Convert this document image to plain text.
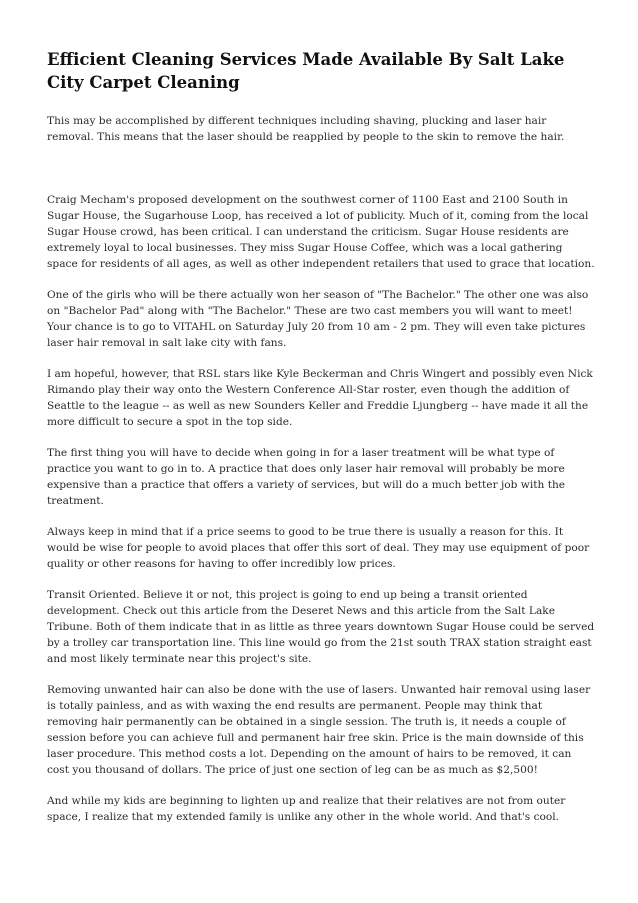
Efficient Cleaning Services Made Available By Salt Lake City Carpet Cleaning

This may be accomplished by different techniques including shaving, plucking and laser hair removal. This means that the laser should be reapplied by people to the skin to remove the hair.

Craig Mecham's proposed development on the southwest corner of 1100 East and 2100 South in Sugar House, the Sugarhouse Loop, has received a lot of publicity. Much of it, coming from the local Sugar House crowd, has been critical. I can understand the criticism. Sugar House residents are extremely loyal to local businesses. They miss Sugar House Coffee, which was a local gathering space for residents of all ages, as well as other independent retailers that used to grace that location.

One of the girls who will be there actually won her season of "The Bachelor." The other one was also on "Bachelor Pad" along with "The Bachelor." These are two cast members you will want to meet! Your chance is to go to VITAHL on Saturday July 20 from 10 am - 2 pm. They will even take pictures laser hair removal in salt lake city with fans.

I am hopeful, however, that RSL stars like Kyle Beckerman and Chris Wingert and possibly even Nick Rimando play their way onto the Western Conference All-Star roster, even though the addition of Seattle to the league -- as well as new Sounders Keller and Freddie Ljungberg -- have made it all the more difficult to secure a spot in the top side.

The first thing you will have to decide when going in for a laser treatment will be what type of practice you want to go in to. A practice that does only laser hair removal will probably be more expensive than a practice that offers a variety of services, but will do a much better job with the treatment.

Always keep in mind that if a price seems to good to be true there is usually a reason for this. It would be wise for people to avoid places that offer this sort of deal. They may use equipment of poor quality or other reasons for having to offer incredibly low prices.

Transit Oriented. Believe it or not, this project is going to end up being a transit oriented development. Check out this article from the Deseret News and this article from the Salt Lake Tribune. Both of them indicate that in as little as three years downtown Sugar House could be served by a trolley car transportation line. This line would go from the 21st south TRAX station straight east and most likely terminate near this project's site.

Removing unwanted hair can also be done with the use of lasers. Unwanted hair removal using laser is totally painless, and as with waxing the end results are permanent. People may think that removing hair permanently can be obtained in a single session. The truth is, it needs a couple of session before you can achieve full and permanent hair free skin. Price is the main downside of this laser procedure. This method costs a lot. Depending on the amount of hairs to be removed, it can cost you thousand of dollars. The price of just one section of leg can be as much as $2,500!

And while my kids are beginning to lighten up and realize that their relatives are not from outer space, I realize that my extended family is unlike any other in the whole world. And that's cool.
